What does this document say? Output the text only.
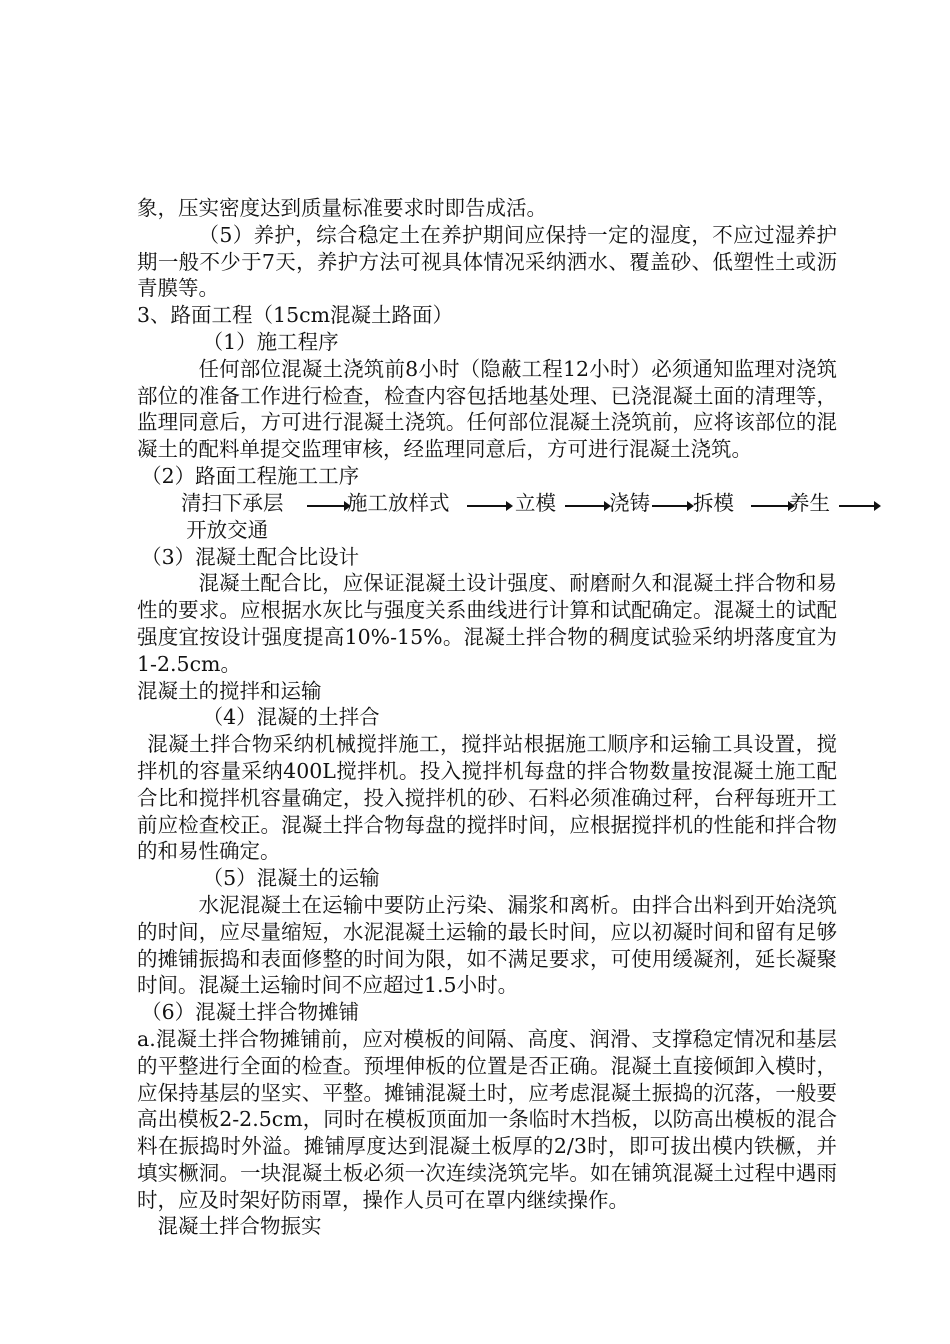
象，压实密度达到质量标准要求时即告成活。

（5）养护，综合稳定土在养护期间应保持一定的湿度，不应过湿养护期一般不少于7天，养护方法可视具体情况采纳洒水、覆盖砂、低塑性土或沥青膜等。

3、路面工程（15cm混凝土路面）

（1）施工程序

任何部位混凝土浇筑前8小时（隐蔽工程12小时）必须通知监理对浇筑部位的准备工作进行检查，检查内容包括地基处理、已浇混凝土面的清理等，监理同意后，方可进行混凝土浇筑。任何部位混凝土浇筑前，应将该部位的混凝土的配料单提交监理审核，经监理同意后，方可进行混凝土浇筑。

（2）路面工程施工工序

清扫下承层	施工放样式	立模	浇铸 拆模	养生

开放交通

（3）混凝土配合比设计

混凝土配合比，应保证混凝土设计强度、耐磨耐久和混凝土拌合物和易性的要求。应根据水灰比与强度关系曲线进行计算和试配确定。混凝土的试配强度宜按设计强度提高10%-15%。混凝土拌合物的稠度试验采纳坍落度宜为1-2.5cm。

混凝土的搅拌和运输

（4）混凝的土拌合

混凝土拌合物采纳机械搅拌施工，搅拌站根据施工顺序和运输工具设置，搅拌机的容量采纳400L搅拌机。投入搅拌机每盘的拌合物数量按混凝土施工配合比和搅拌机容量确定，投入搅拌机的砂、石料必须准确过秤，台秤每班开工前应检查校正。混凝土拌合物每盘的搅拌时间，应根据搅拌机的性能和拌合物的和易性确定。

（5）混凝土的运输

水泥混凝土在运输中要防止污染、漏浆和离析。由拌合出料到开始浇筑的时间，应尽量缩短，水泥混凝土运输的最长时间，应以初凝时间和留有足够的摊铺振捣和表面修整的时间为限，如不满足要求，可使用缓凝剂，延长凝聚时间。混凝土运输时间不应超过1.5小时。

（6）混凝土拌合物摊铺

a.混凝土拌合物摊铺前，应对模板的间隔、高度、润滑、支撑稳定情况和基层的平整进行全面的检查。预埋伸板的位置是否正确。混凝土直接倾卸入模时，应保持基层的坚实、平整。摊铺混凝土时，应考虑混凝土振捣的沉落，一般要高出模板2-2.5cm，同时在模板顶面加一条临时木挡板，以防高出模板的混合料在振捣时外溢。摊铺厚度达到混凝土板厚的2/3时，即可拔出模内铁橛，并填实橛洞。一块混凝土板必须一次连续浇筑完毕。如在铺筑混凝土过程中遇雨时，应及时架好防雨罩，操作人员可在罩内继续操作。

混凝土拌合物振实
